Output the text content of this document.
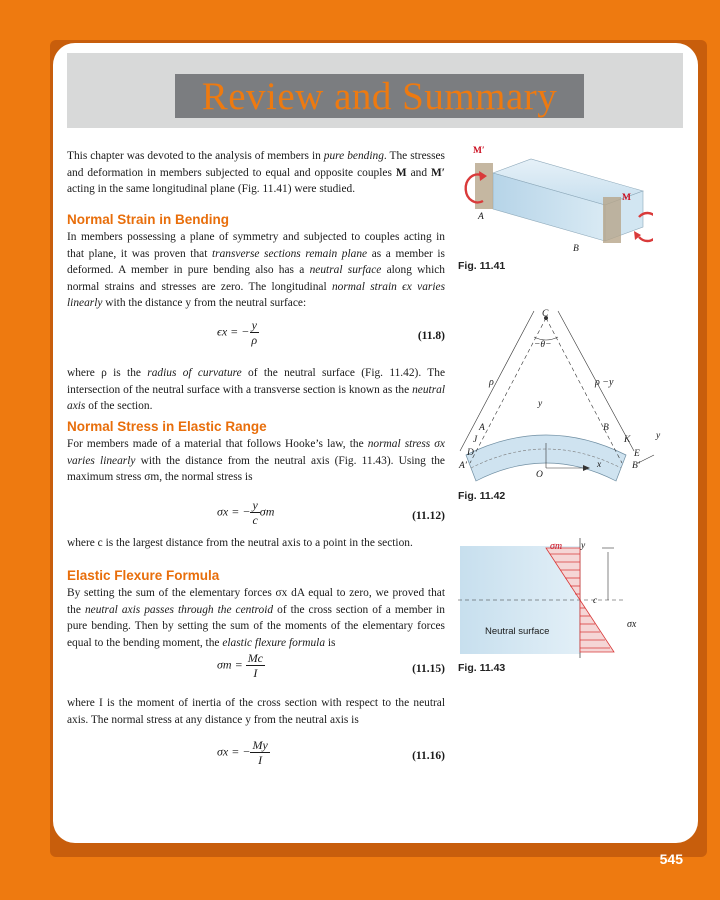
Review and Summary
This chapter was devoted to the analysis of members in pure bending. The stresses and deformation in members subjected to equal and opposite couples M and M′ acting in the same longitudinal plane (Fig. 11.41) were studied.
Normal Strain in Bending
In members possessing a plane of symmetry and subjected to couples acting in that plane, it was proven that transverse sections remain plane as a member is deformed. A member in pure bending also has a neutral surface along which normal strains and stresses are zero. The longitudinal normal strain ϵx varies linearly with the distance y from the neutral surface:
ϵx = − $\frac{y}{\rho}$	(11.8)
where ρ is the radius of curvature of the neutral surface (Fig. 11.42). The intersection of the neutral surface with a transverse section is known as the neutral axis of the section.
Normal Stress in Elastic Range
For members made of a material that follows Hooke’s law, the normal stress σx varies linearly with the distance from the neutral axis (Fig. 11.43). Using the maximum stress σm, the normal stress is
σx = − $\frac{y}{c}$ σm	(11.12)
where c is the largest distance from the neutral axis to a point in the section.
Elastic Flexure Formula
By setting the sum of the elementary forces σx dA equal to zero, we proved that the neutral axis passes through the centroid of the cross section of a member in pure bending. Then by setting the sum of the moments of the elementary forces equal to the bending moment, the elastic flexure formula is
$\sigma m = \frac{Mc}{I}$	(11.15)
where I is the moment of inertia of the cross section with respect to the neutral axis. The normal stress at any distance y from the neutral axis is
σx = − $\frac{My}{I}$	(11.16)
M′
M
A
B
Fig. 11.41
C
−θ−
ρ	ρ −y
y
A
J
D
A′
O
x
B
K
E
B′
y
Fig. 11.42
σm y
c
σx
Neutral surface
Fig. 11.43
545
